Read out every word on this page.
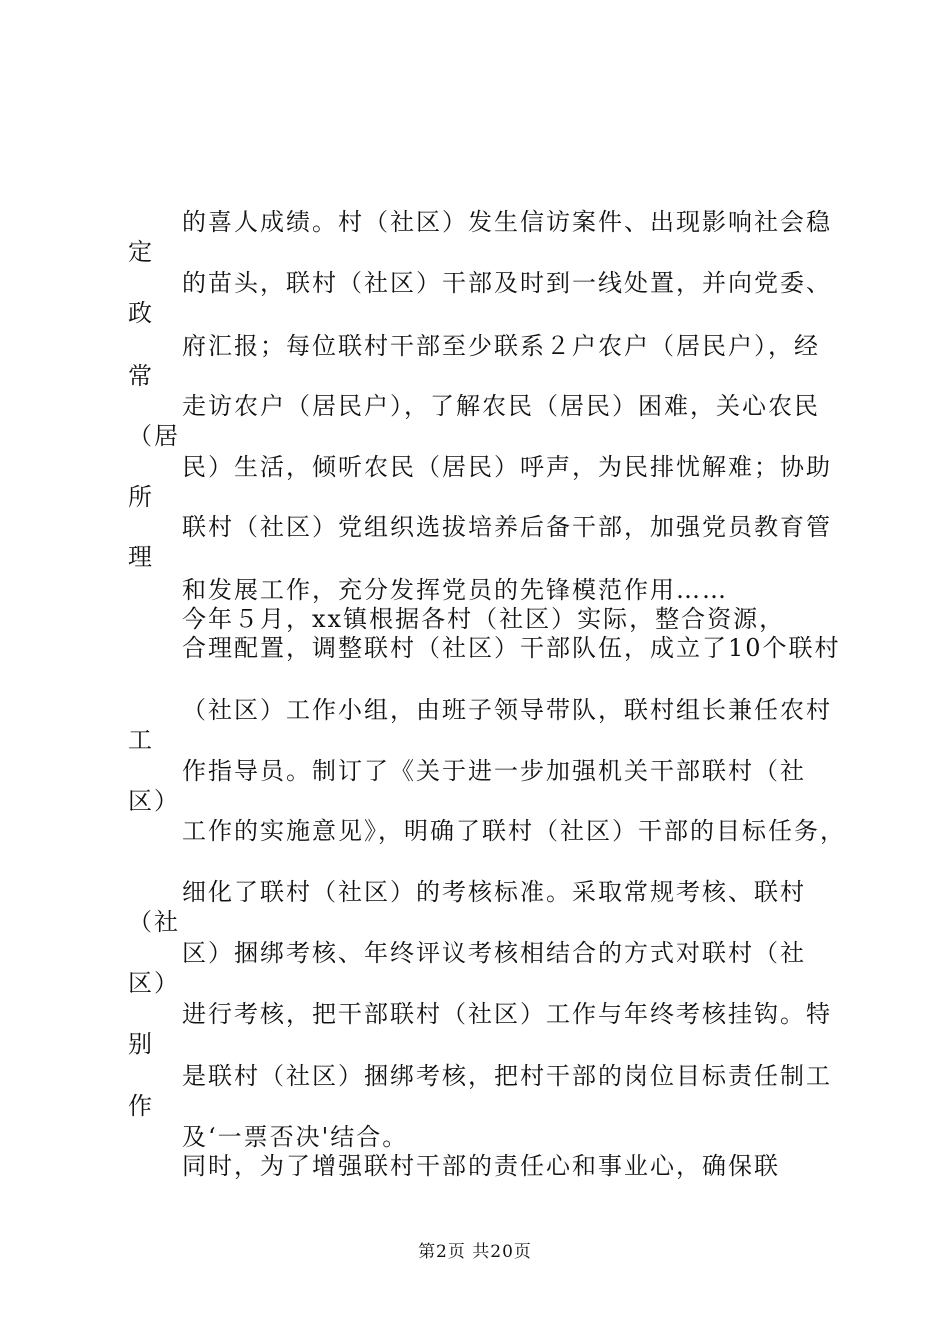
的喜人成绩。村（社区）发生信访案件、出现影响社会稳
定
的苗头，联村（社区）干部及时到一线处置，并向党委、
政
府汇报；每位联村干部至少联系２户农户（居民户），经
常
走访农户（居民户），了解农民（居民）困难，关心农民
（居
民）生活，倾听农民（居民）呼声，为民排忧解难；协助
所
联村（社区）党组织选拔培养后备干部，加强党员教育管
理
和发展工作，充分发挥党员的先锋模范作用……
今年５月，xx镇根据各村（社区）实际，整合资源，
合理配置，调整联村（社区）干部队伍，成立了10个联村
（社区）工作小组，由班子领导带队，联村组长兼任农村
工
作指导员。制订了《关于进一步加强机关干部联村（社
区）
工作的实施意见》，明确了联村（社区）干部的目标任务，
细化了联村（社区）的考核标准。采取常规考核、联村
（社
区）捆绑考核、年终评议考核相结合的方式对联村（社
区）
进行考核，把干部联村（社区）工作与年终考核挂钩。特
别
是联村（社区）捆绑考核，把村干部的岗位目标责任制工
作
及‘一票否决'结合。
同时，为了增强联村干部的责任心和事业心，确保联
第2页 共20页
